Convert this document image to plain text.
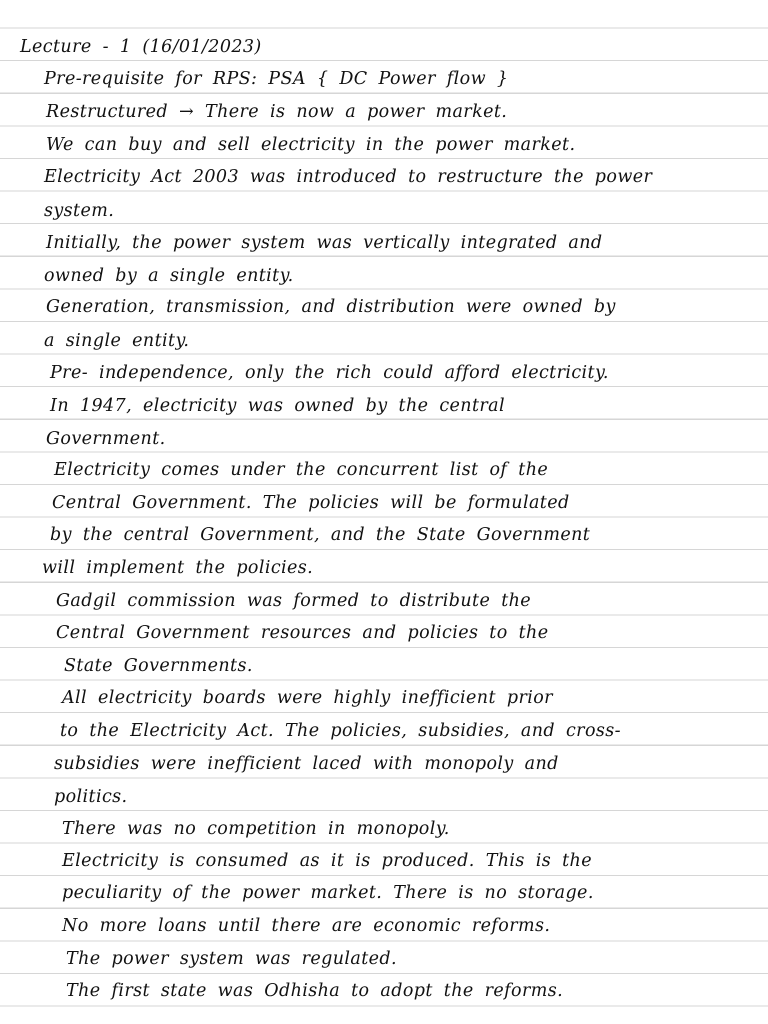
Lecture - 1 (16/01/2023)
Pre-requisite for RPS: PSA { DC Power flow }
Restructured → There is now a power market.
We can buy and sell electricity in the power market.
Electricity Act 2003 was introduced to restructure the power
system.
Initially, the power system was vertically integrated and
owned by a single entity.
Generation, transmission, and distribution were owned by
a single entity.
Pre- independence, only the rich could afford electricity.
In 1947, electricity was owned by the central
Government.
Electricity comes under the concurrent list of the
Central Government. The policies will be formulated
by the central Government, and the State Government
will implement the policies.
Gadgil commission was formed to distribute the
Central Government resources and policies to the
State Governments.
All electricity boards were highly inefficient prior
to the Electricity Act. The policies, subsidies, and cross-
subsidies were inefficient laced with monopoly and
politics.
There was no competition in monopoly.
Electricity is consumed as it is produced. This is the
peculiarity of the power market. There is no storage.
No more loans until there are economic reforms.
The power system was regulated.
The first state was Odhisha to adopt the reforms.
